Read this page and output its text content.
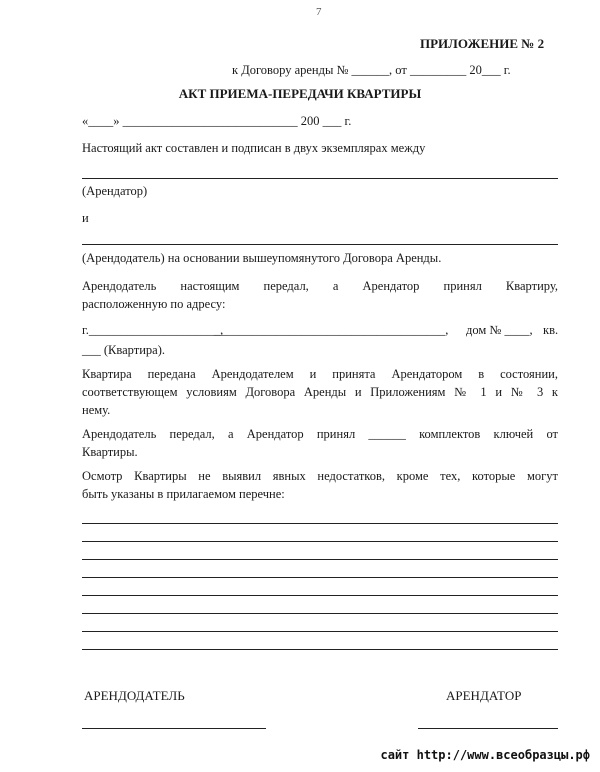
7
ПРИЛОЖЕНИЕ № 2
к Договору аренды № ______, от _________ 20___ г.
АКТ ПРИЕМА-ПЕРЕДАЧИ КВАРТИРЫ
«____» ____________________________ 200 ___ г.
Настоящий акт составлен и подписан в двух экземплярах между
(Арендатор)
и
(Арендодатель) на основании вышеупомянутого Договора Аренды.
Арендодатель настоящим передал, а Арендатор принял Квартиру,
расположенную по адресу:
г._____________________,
_____________________________________, дом № ____, кв.
___ (Квартира).
Квартира передана Арендодателем и принята Арендатором в состоянии,
соответствующем условиям Договора Аренды и Приложениям № 1 и № 3 к
нему.
Арендодатель передал, а Арендатор принял ______ комплектов ключей от
Квартиры.
Осмотр Квартиры не выявил явных недостатков, кроме тех, которые могут
быть указаны в прилагаемом перечне:
АРЕНДОДАТЕЛЬ	АРЕНДАТОР
сайт http://www.всеобразцы.рф
